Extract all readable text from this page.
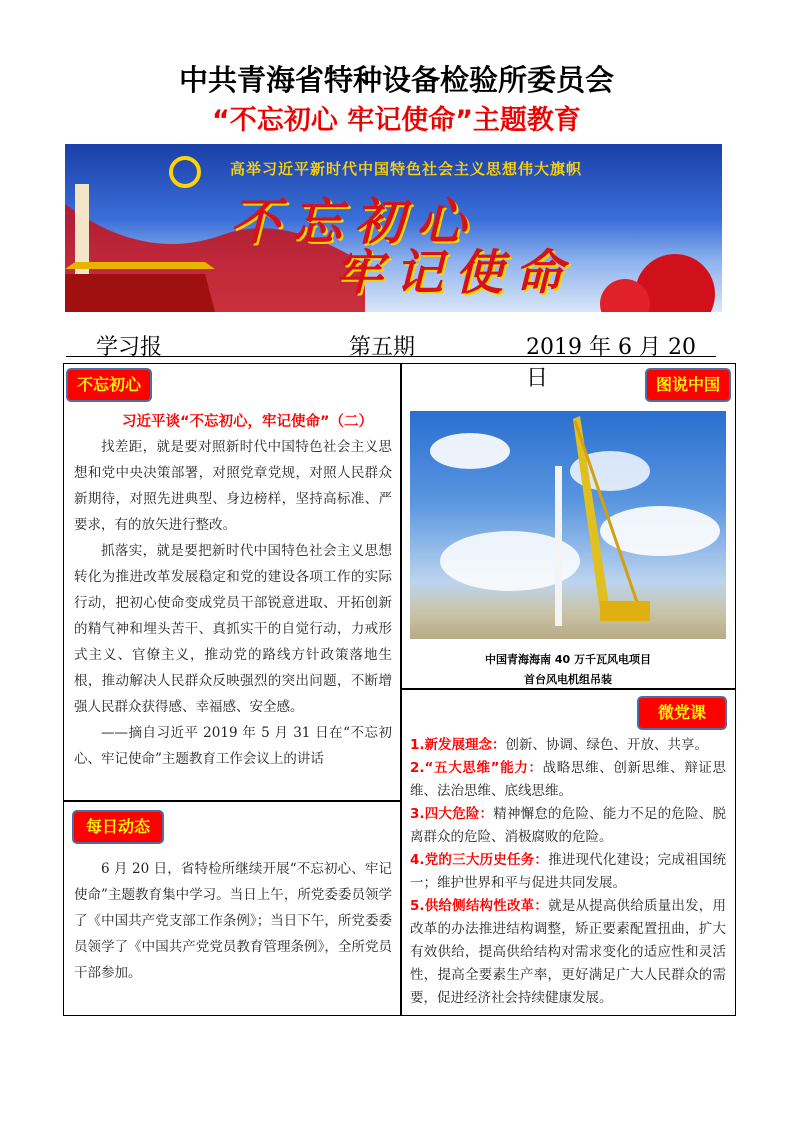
中共青海省特种设备检验所委员会
“不忘初心 牢记使命”主题教育
高举习近平新时代中国特色社会主义思想伟大旗帜
不忘初心
牢记使命
学习报	第五期	2019 年 6 月 20 日
不忘初心
习近平谈“不忘初心，牢记使命”（二）

找差距，就是要对照新时代中国特色社会主义思想和党中央决策部署，对照党章党规，对照人民群众新期待，对照先进典型、身边榜样，坚持高标准、严要求，有的放矢进行整改。

抓落实，就是要把新时代中国特色社会主义思想转化为推进改革发展稳定和党的建设各项工作的实际行动，把初心使命变成党员干部锐意进取、开拓创新的精气神和埋头苦干、真抓实干的自觉行动，力戒形式主义、官僚主义，推动党的路线方针政策落地生根，推动解决人民群众反映强烈的突出问题，不断增强人民群众获得感、幸福感、安全感。

——摘自习近平 2019 年 5 月 31 日在“不忘初心、牢记使命”主题教育工作会议上的讲话

每日动态

6 月 20 日，省特检所继续开展“不忘初心、牢记使命”主题教育集中学习。当日上午，所党委委员领学了《中国共产党支部工作条例》；当日下午，所党委委员领学了《中国共产党党员教育管理条例》，全所党员干部参加。

图说中国
中国青海海南 40 万千瓦风电项目
首台风电机组吊装
微党课
1.新发展理念：创新、协调、绿色、开放、共享。
2.“五大思维”能力：战略思维、创新思维、辩证思维、法治思维、底线思维。
3.四大危险：精神懈怠的危险、能力不足的危险、脱离群众的危险、消极腐败的危险。
4.党的三大历史任务：推进现代化建设；完成祖国统一；维护世界和平与促进共同发展。
5.供给侧结构性改革：就是从提高供给质量出发，用改革的办法推进结构调整，矫正要素配置扭曲，扩大有效供给，提高供给结构对需求变化的适应性和灵活性，提高全要素生产率，更好满足广大人民群众的需要，促进经济社会持续健康发展。
